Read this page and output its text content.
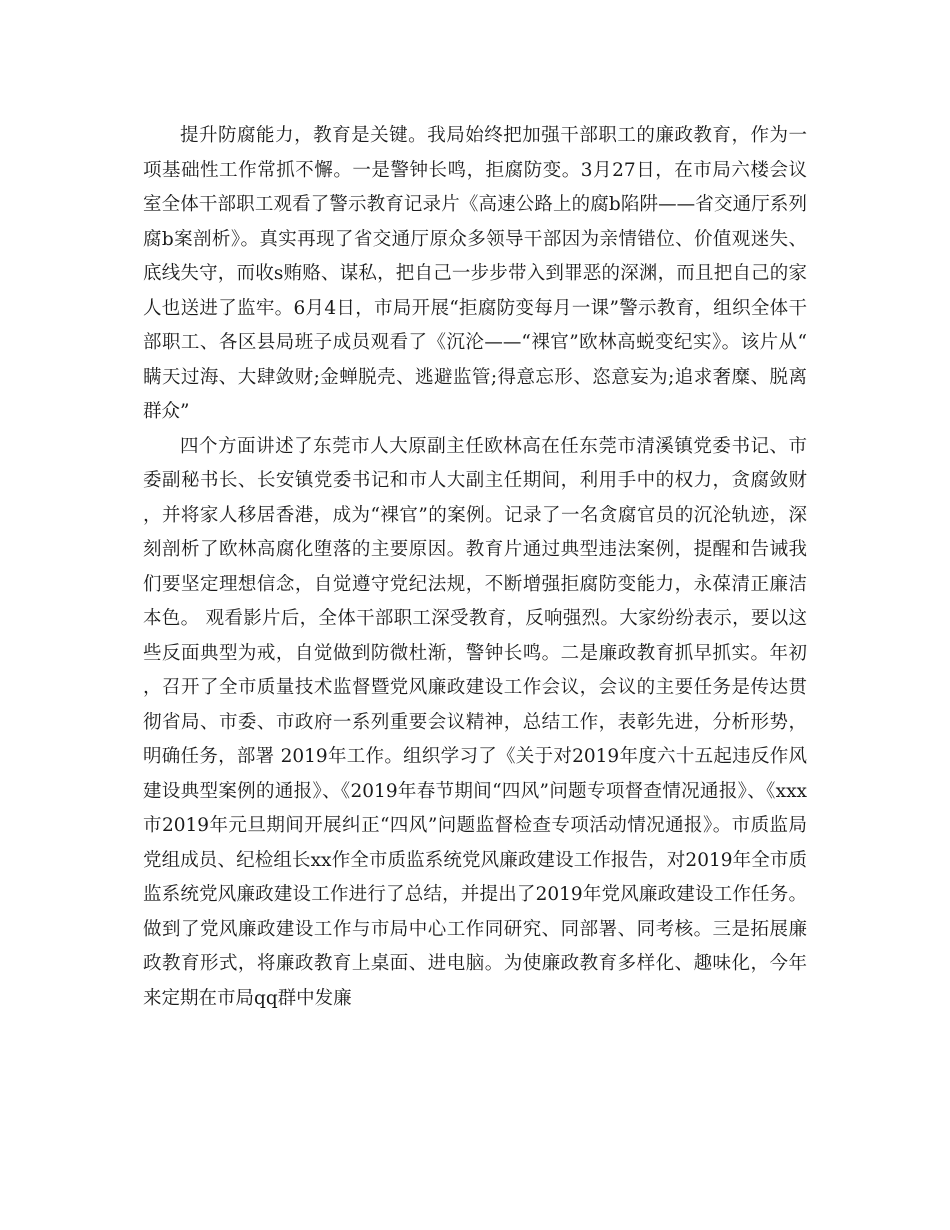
提升防腐能力，教育是关键。我局始终把加强干部职工的廉政教育，作为一项基础性工作常抓不懈。一是警钟长鸣，拒腐防变。3月27日，在市局六楼会议室全体干部职工观看了警示教育记录片《高速公路上的腐b陷阱——省交通厅系列腐b案剖析》。真实再现了省交通厅原众多领导干部因为亲情错位、价值观迷失、底线失守，而收s贿赂、谋私，把自己一步步带入到罪恶的深渊，而且把自己的家人也送进了监牢。6月4日，市局开展“拒腐防变每月一课”警示教育，组织全体干部职工、各区县局班子成员观看了《沉沦——“裸官”欧林高蜕变纪实》。该片从“瞒天过海、大肆敛财;金蝉脱壳、逃避监管;得意忘形、恣意妄为;追求奢糜、脱离群众”

四个方面讲述了东莞市人大原副主任欧林高在任东莞市清溪镇党委书记、市委副秘书长、长安镇党委书记和市人大副主任期间，利用手中的权力，贪腐敛财，并将家人移居香港，成为“裸官”的案例。记录了一名贪腐官员的沉沦轨迹，深刻剖析了欧林高腐化堕落的主要原因。教育片通过典型违法案例，提醒和告诫我们要坚定理想信念，自觉遵守党纪法规，不断增强拒腐防变能力，永葆清正廉洁本色。 观看影片后，全体干部职工深受教育，反响强烈。大家纷纷表示，要以这些反面典型为戒，自觉做到防微杜渐，警钟长鸣。二是廉政教育抓早抓实。年初，召开了全市质量技术监督暨党风廉政建设工作会议，会议的主要任务是传达贯彻省局、市委、市政府一系列重要会议精神，总结工作，表彰先进，分析形势，明确任务，部署 2019年工作。组织学习了《关于对2019年度六十五起违反作风建设典型案例的通报》、《2019年春节期间“四风”问题专项督查情况通报》、《xxx 市2019年元旦期间开展纠正“四风”问题监督检查专项活动情况通报》。市质监局党组成员、纪检组长xx作全市质监系统党风廉政建设工作报告，对2019年全市质监系统党风廉政建设工作进行了总结，并提出了2019年党风廉政建设工作任务。做到了党风廉政建设工作与市局中心工作同研究、同部署、同考核。三是拓展廉政教育形式，将廉政教育上桌面、进电脑。为使廉政教育多样化、趣味化，今年来定期在市局qq群中发廉
